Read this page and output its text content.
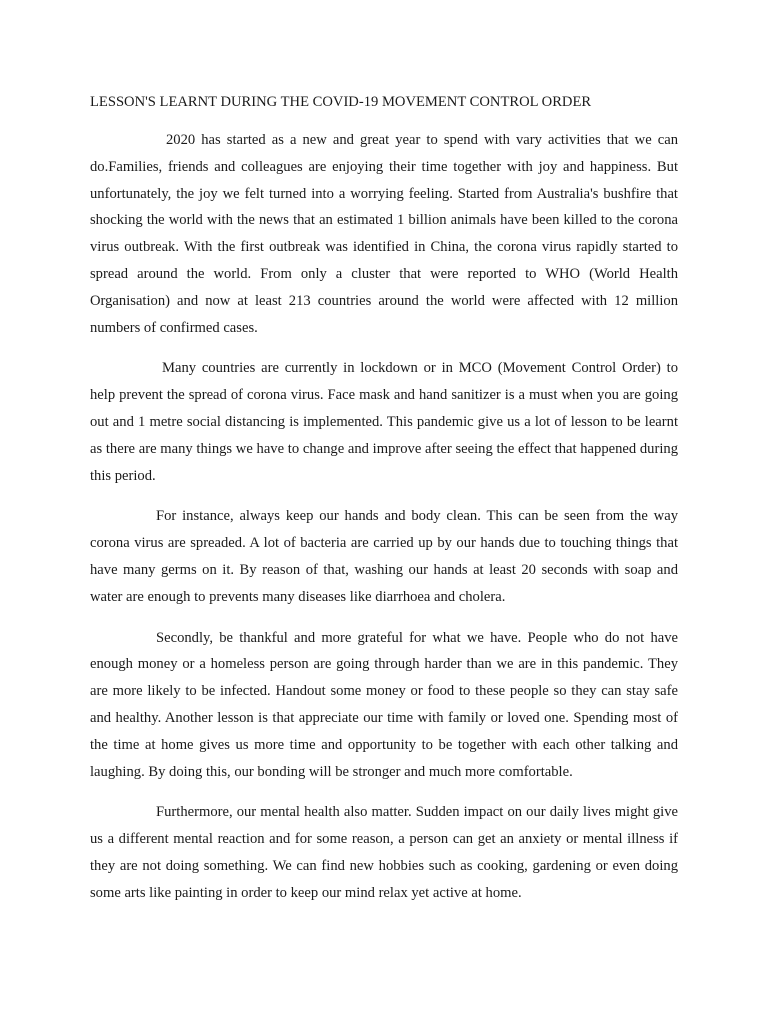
LESSON'S LEARNT DURING THE COVID-19 MOVEMENT CONTROL ORDER

2020 has started as a new and great year to spend with vary activities that we can do.Families, friends and colleagues are enjoying their time together with joy and happiness. But unfortunately, the joy we felt turned into a worrying feeling. Started from Australia's bushfire that shocking the world with the news that an estimated 1 billion animals have been killed to the corona virus outbreak. With the first outbreak was identified in China, the corona virus rapidly started to spread around the world. From only a cluster that were reported to WHO (World Health Organisation) and now at least 213 countries around the world were affected with 12 million numbers of confirmed cases.

Many countries are currently in lockdown or in MCO (Movement Control Order) to help prevent the spread of corona virus. Face mask and hand sanitizer is a must when you are going out and 1 metre social distancing is implemented. This pandemic give us a lot of lesson to be learnt as there are many things we have to change and improve after seeing the effect that happened during this period.

For instance, always keep our hands and body clean. This can be seen from the way corona virus are spreaded. A lot of bacteria are carried up by our hands due to touching things that have many germs on it. By reason of that, washing our hands at least 20 seconds with soap and water are enough to prevents many diseases like diarrhoea and cholera.

Secondly, be thankful and more grateful for what we have. People who do not have enough money or a homeless person are going through harder than we are in this pandemic. They are more likely to be infected. Handout some money or food to these people so they can stay safe and healthy. Another lesson is that appreciate our time with family or loved one. Spending most of the time at home gives us more time and opportunity to be together with each other talking and laughing. By doing this, our bonding will be stronger and much more comfortable.

Furthermore, our mental health also matter. Sudden impact on our daily lives might give us a different mental reaction and for some reason, a person can get an anxiety or mental illness if they are not doing something. We can find new hobbies such as cooking, gardening or even doing some arts like painting in order to keep our mind relax yet active at home.
